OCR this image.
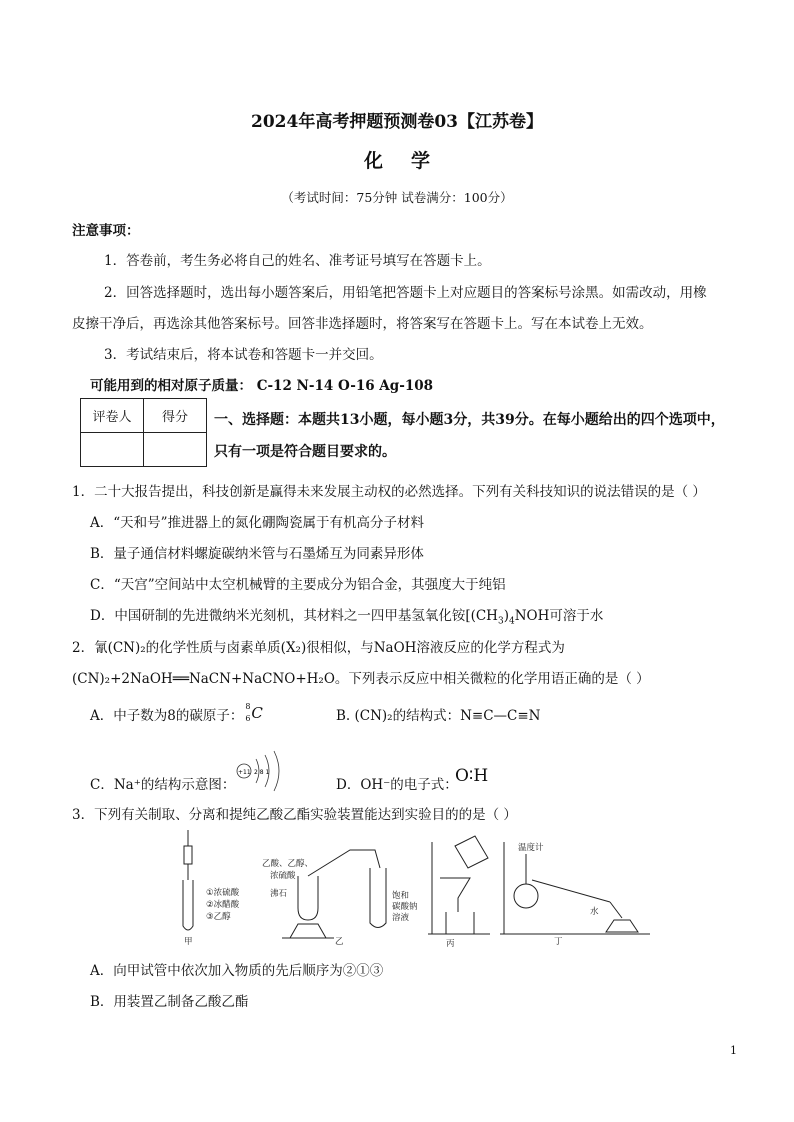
2024年高考押题预测卷03【江苏卷】
化学
（考试时间：75分钟 试卷满分：100分）
注意事项：
1．答卷前，考生务必将自己的姓名、准考证号填写在答题卡上。
2．回答选择题时，选出每小题答案后，用铅笔把答题卡上对应题目的答案标号涂黑。如需改动，用橡
皮擦干净后，再选涂其他答案标号。回答非选择题时，将答案写在答题卡上。写在本试卷上无效。
3．考试结束后，将本试卷和答题卡一并交回。
可能用到的相对原子质量： C-12 N-14 O-16 Ag-108
评卷人	得分
	一、选择题：本题共13小题，每小题3分，共39分。在每小题给出的四个选项中，
只有一项是符合题目要求的。
1．二十大报告提出，科技创新是赢得未来发展主动权的必然选择。下列有关科技知识的说法错误的是（ ）
A．“天和号”推进器上的氮化硼陶瓷属于有机高分子材料
B．量子通信材料螺旋碳纳米管与石墨烯互为同素异形体
C．“天宫”空间站中太空机械臂的主要成分为铝合金，其强度大于纯铝
D．中国研制的先进微纳米光刻机，其材料之一四甲基氢氧化铵[$(CH_3)_4NOH$可溶于水
2．氰(CN)₂的化学性质与卤素单质(X₂)很相似，与NaOH溶液反应的化学方程式为
(CN)₂+2NaOH══NaCN+NaCNO+H₂O。下列表示反应中相关微粒的化学用语正确的是（ ）
A．中子数为8的碳原子：
8
6 C	B. (CN)₂的结构式：N≡C—C≡N
C．Na⁺的结构示意图：
+11 2 8 1
D．OH⁻的电子式：
O∶H
3．下列有关制取、分离和提纯乙酸乙酯实验装置能达到实验目的的是（ ）
①浓硫酸
②冰醋酸
③乙醇
甲
乙酸、乙醇、
浓硫酸
沸石	饱和
碳酸钠
溶液
乙	丙
温度计
水
丁
A．向甲试管中依次加入物质的先后顺序为②①③
B．用装置乙制备乙酸乙酯
1
